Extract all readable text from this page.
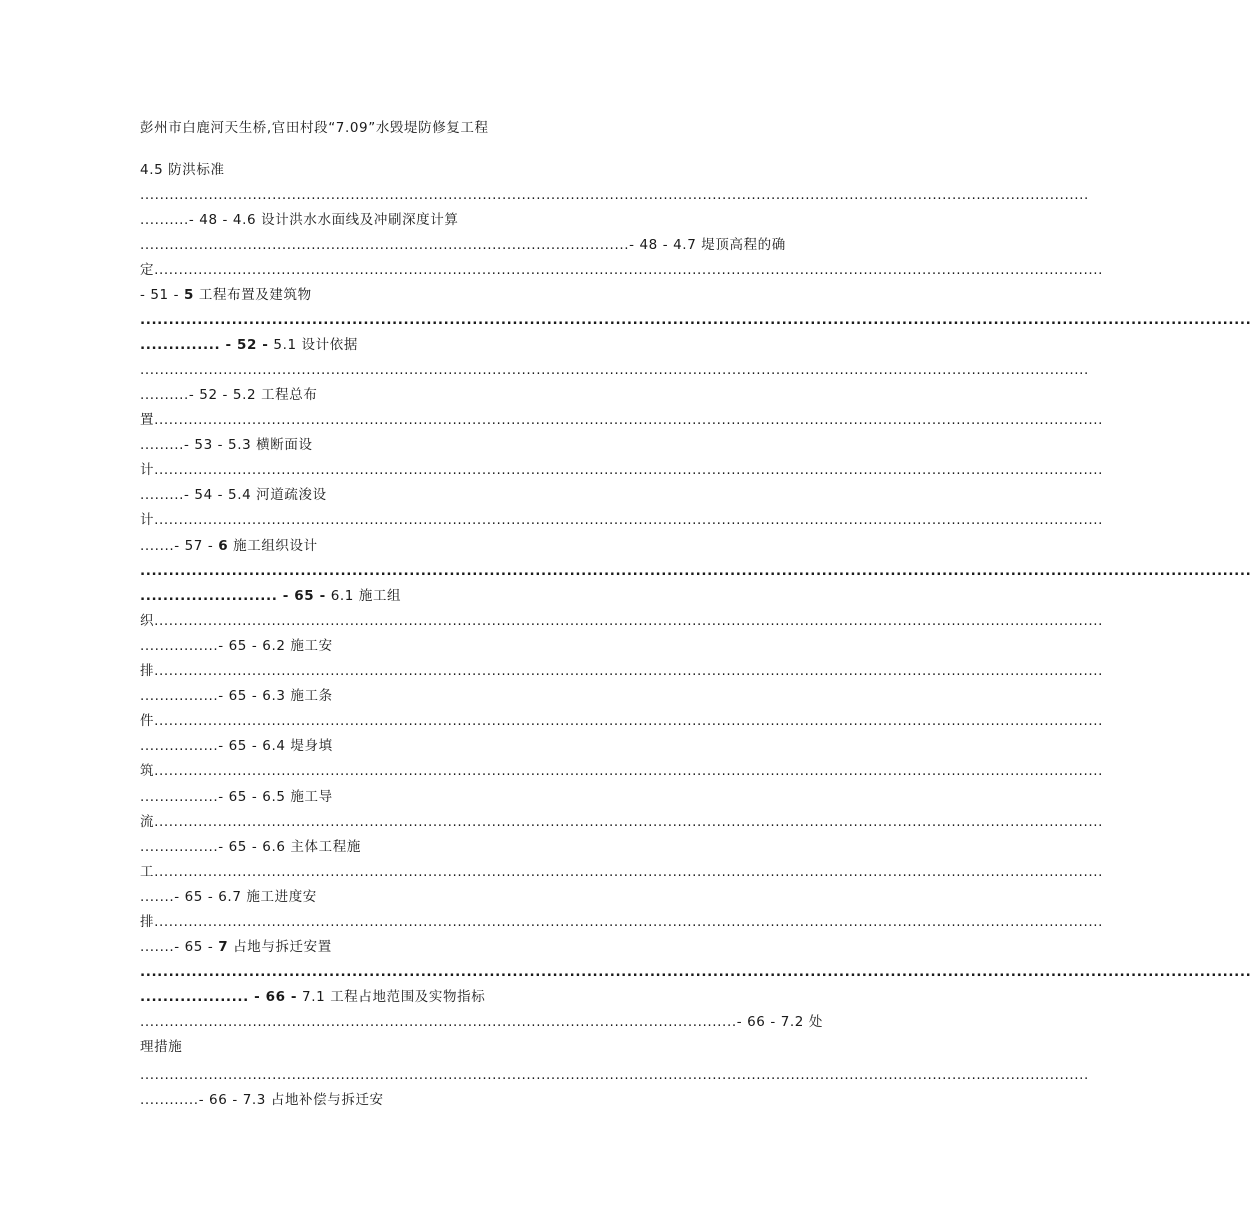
彭州市白鹿河天生桥,官田村段“7.09”水毁堤防修复工程
4.5 防洪标准
..................................................................................................................................................................................................
..........- 48 - 4.6 设计洪水水面线及冲刷深度计算
....................................................................................................- 48 - 4.7 堤顶高程的确
定..................................................................................................................................................................................................
- 51 - 5 工程布置及建筑物
..................................................................................................................................................................................................
.............. - 52 - 5.1 设计依据
..................................................................................................................................................................................................
..........- 52 - 5.2 工程总布
置..................................................................................................................................................................................................
.........- 53 - 5.3 横断面设
计..................................................................................................................................................................................................
.........- 54 - 5.4 河道疏浚设
计..................................................................................................................................................................................................
.......- 57 - 6 施工组织设计
..................................................................................................................................................................................................
........................ - 65 - 6.1 施工组
织..................................................................................................................................................................................................
................- 65 - 6.2 施工安
排..................................................................................................................................................................................................
................- 65 - 6.3 施工条
件..................................................................................................................................................................................................
................- 65 - 6.4 堤身填
筑..................................................................................................................................................................................................
................- 65 - 6.5 施工导
流..................................................................................................................................................................................................
................- 65 - 6.6 主体工程施
工..................................................................................................................................................................................................
.......- 65 - 6.7 施工进度安
排..................................................................................................................................................................................................
.......- 65 - 7 占地与拆迁安置
..................................................................................................................................................................................................
................... - 66 - 7.1 工程占地范围及实物指标
..........................................................................................................................- 66 - 7.2 处
理措施
..................................................................................................................................................................................................
............- 66 - 7.3 占地补偿与拆迁安
